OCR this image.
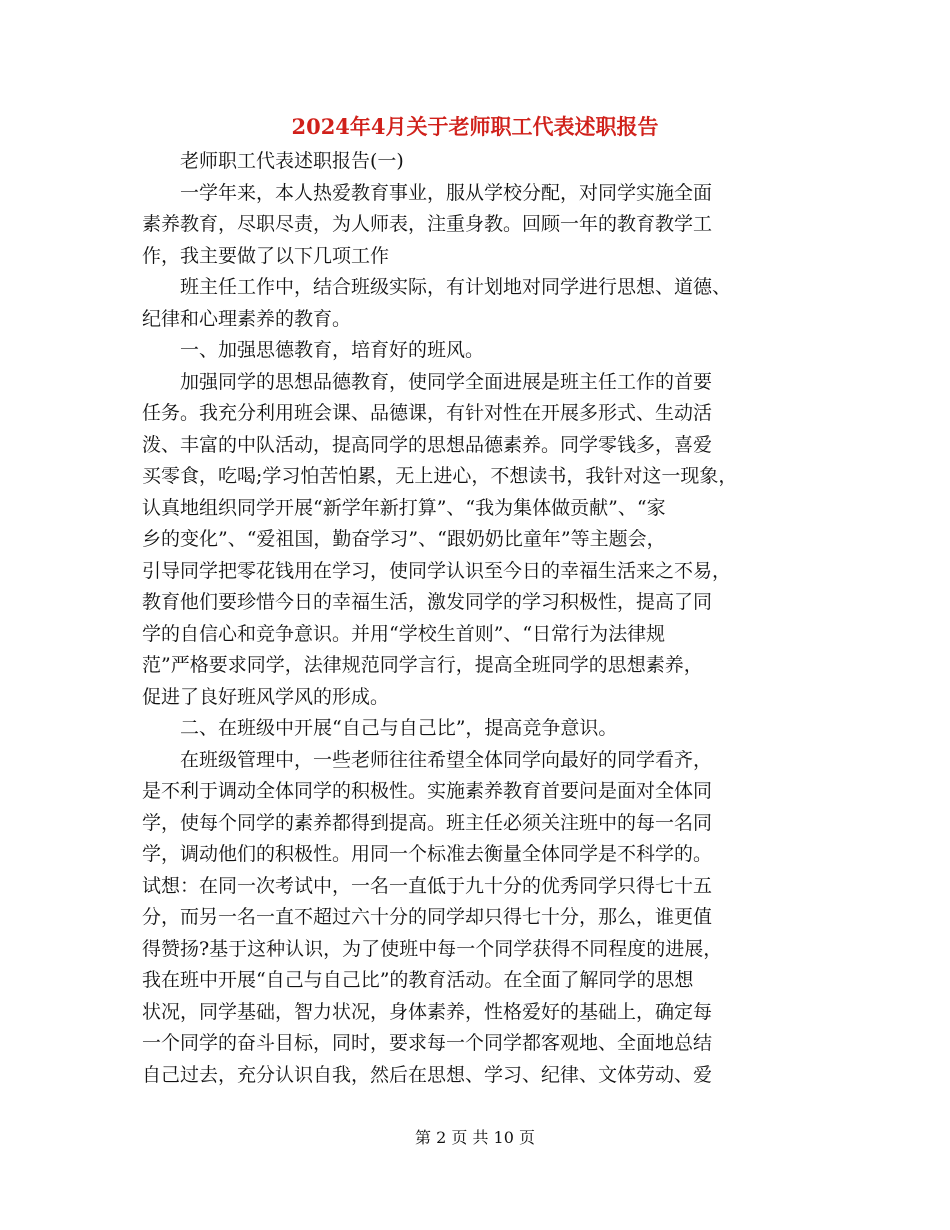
2024年4月关于老师职工代表述职报告
　　老师职工代表述职报告(一)
　　一学年来，本人热爱教育事业，服从学校分配，对同学实施全面
素养教育，尽职尽责，为人师表，注重身教。回顾一年的教育教学工
作，我主要做了以下几项工作
　　班主任工作中，结合班级实际，有计划地对同学进行思想、道德、
纪律和心理素养的教育。
　　一、加强思德教育，培育好的班风。
　　加强同学的思想品德教育，使同学全面进展是班主任工作的首要
任务。我充分利用班会课、品德课，有针对性在开展多形式、生动活
泼、丰富的中队活动，提高同学的思想品德素养。同学零钱多，喜爱
买零食，吃喝;学习怕苦怕累，无上进心，不想读书，我针对这一现象，
认真地组织同学开展“新学年新打算”、“我为集体做贡献”、“家
乡的变化”、“爱祖国，勤奋学习”、“跟奶奶比童年”等主题会，
引导同学把零花钱用在学习，使同学认识至今日的幸福生活来之不易，
教育他们要珍惜今日的幸福生活，激发同学的学习积极性，提高了同
学的自信心和竞争意识。并用“学校生首则”、“日常行为法律规
范”严格要求同学，法律规范同学言行，提高全班同学的思想素养，
促进了良好班风学风的形成。
　　二、在班级中开展“自己与自己比”，提高竞争意识。
　　在班级管理中，一些老师往往希望全体同学向最好的同学看齐，
是不利于调动全体同学的积极性。实施素养教育首要问是面对全体同
学，使每个同学的素养都得到提高。班主任必须关注班中的每一名同
学，调动他们的积极性。用同一个标准去衡量全体同学是不科学的。
试想：在同一次考试中，一名一直低于九十分的优秀同学只得七十五
分，而另一名一直不超过六十分的同学却只得七十分，那么，谁更值
得赞扬?基于这种认识，为了使班中每一个同学获得不同程度的进展，
我在班中开展“自己与自己比”的教育活动。在全面了解同学的思想
状况，同学基础，智力状况，身体素养，性格爱好的基础上，确定每
一个同学的奋斗目标，同时，要求每一个同学都客观地、全面地总结
自己过去，充分认识自我，然后在思想、学习、纪律、文体劳动、爱
第 2 页 共 10 页
